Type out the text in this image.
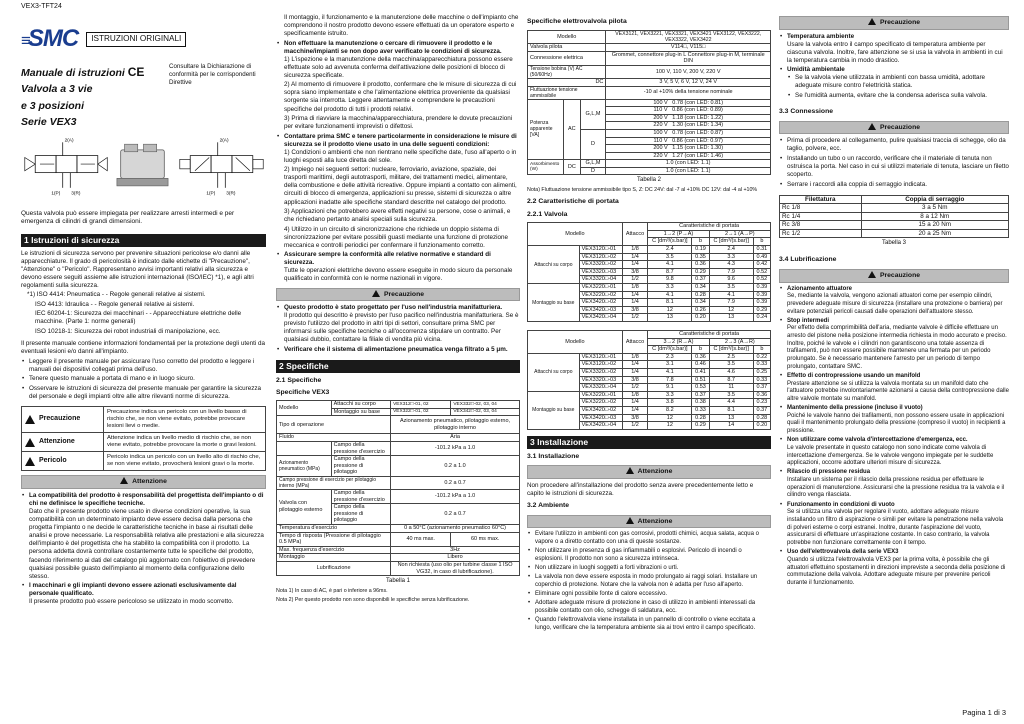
VEX3-TFT24
≡SMC	ISTRUZIONI ORIGINALI
Manuale di istruzioni CE
Valvola a 3 vie
e 3 posizioni
Serie VEX3
Consultare la Dichiarazione di conformità per le corrispondenti Direttive
2(A)
1(P) 3(R)
2(A)
1(P) 3(R)

Questa valvola può essere impiegata per realizzare arresti intermedi e per emergenza di cilindri di grandi dimensioni.

1 Istruzioni di sicurezza

Le istruzioni di sicurezza servono per prevenire situazioni pericolose e/o danni alle apparecchiature. Il grado di pericolosità è indicato dalle etichette di "Precauzione", "Attenzione" o "Pericolo". Rappresentano avvisi importanti relativi alla sicurezza e devono essere seguiti assieme alle istruzioni internazionali (ISO/IEC) *1), e agli altri regolamenti sulla sicurezza.

*1) ISO 4414: Pneumatica - - Regole generali relative ai sistemi.

ISO 4413: Idraulica - - Regole generali relative ai sistemi.

IEC 60204-1: Sicurezza dei macchinari - - Apparecchiature elettriche delle macchine. (Parte 1: norme generali)

ISO 10218-1: Sicurezza dei robot industriali di manipolazione, ecc.

Il presente manuale contiene informazioni fondamentali per la protezione degli utenti da eventuali lesioni e/o danni all'impianto.

• Leggere il presente manuale per assicurare l'uso corretto del prodotto e leggere i manuali dei dispositivi collegati prima dell'uso.
• Tenere questo manuale a portata di mano e in luogo sicuro.
• Osservare le istruzioni di sicurezza del presente manuale per garantire la sicurezza del personale e degli impianti oltre alle altre rilevanti norme di sicurezza.
Precauzione	Precauzione indica un pericolo con un livello basso di rischio che, se non viene evitato, potrebbe provocare lesioni lievi o medie.

Attenzione	Attenzione indica un livello medio di rischio che, se non viene evitato, potrebbe provocare la morte o gravi lesioni.

Pericolo	Pericolo indica un pericolo con un livello alto di rischio che, se non viene evitato, provocherà lesioni gravi o la morte.
Attenzione
• La compatibilità del prodotto è responsabilità del progettista dell'impianto o di chi ne definisce le specifiche tecniche.
Dato che il presente prodotto viene usato in diverse condizioni operative, la sua compatibilità con un determinato impianto deve essere decisa dalla persona che progetta l'impianto o ne decide le caratteristiche tecniche in base ai risultati delle analisi e prove necessarie. La responsabilità relativa alle prestazioni e alla sicurezza dell'impianto è del progettista che ha stabilito la compatibilità con il prodotto. La persona addetta dovrà controllare costantemente tutte le specifiche del prodotto, facendo riferimento ai dati del catalogo più aggiornato con l'obiettivo di prevedere qualsiasi possibile guasto dell'impianto al momento della configurazione dello stesso.
• I macchinari e gli impianti devono essere azionati esclusivamente dal personale qualificato.
Il presente prodotto può essere pericoloso se utilizzato in modo scorretto.

Il montaggio, il funzionamento e la manutenzione delle macchine o dell'impianto che comprendono il nostro prodotto devono essere effettuati da un operatore esperto e specificamente istruito.

• Non effettuare la manutenzione o cercare di rimuovere il prodotto e le macchine/impianti se non dopo aver verificato le condizioni di sicurezza.

1) L'ispezione e la manutenzione della macchina/apparecchiatura possono essere effettuate solo ad avvenuta conferma dell'attivazione delle posizioni di blocco di sicurezza specificate.

2) Al momento di rimuovere il prodotto, confermare che le misure di sicurezza di cui sopra siano implementate e che l'alimentazione elettrica proveniente da qualsiasi sorgente sia interrotta. Leggere attentamente e comprendere le precauzioni specifiche del prodotto di tutti i prodotti relativi.

3) Prima di riavviare la macchina/apparecchiatura, prendere le dovute precauzioni per evitare funzionamenti imprevisti o difettosi.

• Contattare prima SMC e tenere particolarmente in considerazione le misure di sicurezza se il prodotto viene usato in una delle seguenti condizioni:

1) Condizioni o ambienti che non rientrano nelle specifiche date, l'uso all'aperto o in luoghi esposti alla luce diretta del sole.

2) Impiego nei seguenti settori: nucleare, ferroviario, aviazione, spaziale, dei trasporti marittimi, degli autotrasporti, militare, dei trattamenti medici, alimentare, della combustione e delle attività ricreative. Oppure impianti a contatto con alimenti, circuiti di blocco di emergenza, applicazioni su presse, sistemi di sicurezza o altre applicazioni inadatte alle specifiche standard descritte nel catalogo del prodotto.

3) Applicazioni che potrebbero avere effetti negativi su persone, cose o animali, e che richiedano pertanto analisi speciali sulla sicurezza.

4) Utilizzo in un circuito di sincronizzazione che richiede un doppio sistema di sincronizzazione per evitare possibili guasti mediante una funzione di protezione meccanica e controlli periodici per confermare il funzionamento corretto.

• Assicurare sempre la conformità alle relative normative e standard di sicurezza.

Tutte le operazioni elettriche devono essere eseguite in modo sicuro da personale qualificato in conformità con le norme nazionali in vigore.

Precauzione
• Questo prodotto è stato progettato per l'uso nell'industria manifatturiera.

Il prodotto qui descritto è previsto per l'uso pacifico nell'industria manifatturiera. Se è previsto l'utilizzo del prodotto in altri tipi di settori, consultare prima SMC per informarsi sulle specifiche tecniche o all'occorrenza stipulare un contratto. Per qualsiasi dubbio, contattare la filiale di vendita più vicina.

• Verificare che il sistema di alimentazione pneumatica venga filtrato a 5 μm.
2 Specifiche
2.1 Specifiche
Specifiche VEX3
Modello	Attacchi su corpo	VEX312□-01, 02	VEX332□-02, 03, 04
	Montaggio su base	VEX322□-01, 02	VEX342□-02, 03, 04
Tipo di operazione		Azionamento pneumatico, pilotaggio esterno, pilotaggio interno	
Fluido		Aria	
	Campo della pressione d'esercizio	-101.2 kPa a 1.0	
Azionamento pneumatico (MPa)	Campo della pressione di pilotaggio	0.2 a 1.0	
Campo pressione di esercizio per pilotaggio interno (MPa)		0.2 a 0.7	
Valvola con pilotaggio esterno	Campo della pressione d'esercizio	-101.2 kPa a 1.0	
	Campo della pressione di pilotaggio	0.2 a 0.7	
Temperatura d'esercizio		0 a 50°C (azionamento pneumatico 60°C)	
Tempo di risposta (Pressione di pilotaggio 0.5 MPa)		40 ms max.	60 ms max.
Max. frequenza d'esercizio		3Hz	
Montaggio		Libero	
Lubrificazione		Non richiesta (uso olio per turbine classe 1 ISO VG32, in caso di lubrificazione).	
Tabella 1

Nota 1) In caso di AC, è pari o inferiore a 96ms.

Nota 2) Per questo prodotto non sono disponibili le specifiche senza lubrificazione.

Specifiche elettrovalvola pilota
Modello			VEX3121, VEX3221, VEX3321, VEX3421 VEX3122, VEX3222, VEX3322, VEX3422
Valvola pilota			V114□, V115□
Connessione elettrica			Grommet, connettore plug-in L Connettore plug-in M, terminale DIN
Tensione bobina (V) AC (50/60Hz)			100 V, 110 V, 200 V, 220 V
DC			3 V, 5 V, 6 V, 12 V, 24 V
Fluttuazione tensione ammissibile			-10 al +10% della tensione nominale
Potenza apparente [VA]	AC	G,L,M	100 V 0.78 (con LED: 0.81)
			110 V 0.86 (con LED: 0.89)
			200 V 1.18 (con LED: 1.22)
			220 V 1.30 (con LED: 1.34)
		D	100 V 0.78 (con LED: 0.87)
			110 V 0.86 (con LED: 0.97)
			200 V 1.15 (con LED: 1.30)
			220 V 1.27 (con LED: 1.46)
Assorbimento (W)	DC	G,L,M	1.0 (con LED: 1.1)
		D	1.0 (con LED: 1.1)
Tabella 2

Nota) Fluttuazione tensione ammissibile tipo S, Z: DC 24V: dal -7 al +10% DC 12V: dal -4 al +10%

2.2 Caratteristiche di portata
2.2.1 Valvola
Modello		Attacco	Caratteristiche di portata			
			1→2 (P→A)		2→1 (A→P)	
			C [dm³/(s.bar)]	b	C [dm³/(s.bar)]	b
Attacchi su corpo	VEX3120□-01	1/8	2.4	0.19	2.4	0.31
	VEX3120□-02	1/4	3.5	0.35	3.3	0.49
	VEX3320□-02	1/4	4.1	0.36	4.3	0.42
	VEX3320□-03	3/8	8.7	0.29	7.9	0.52
	VEX3320□-04	1/2	9.8	0.37	9.6	0.52
Montaggio su base	VEX3220□-01	1/8	3.3	0.34	3.5	0.39
	VEX3220□-02	1/4	4.1	0.28	4.1	0.39
	VEX3420□-02	1/4	8.1	0.34	7.9	0.39
	VEX3420□-03	3/8	12	0.26	12	0.29
	VEX3420□-04	1/2	13	0.20	13	0.24
Modello		Attacco	Caratteristiche di portata			
			3→2 (R→A)		2→3 (A→R)	
			C [dm³/(s.bar)]	b	C [dm³/(s.bar)]	b
Attacchi su corpo	VEX3120□-01	1/8	2.3	0.36	2.5	0.22
	VEX3120□-02	1/4	3.1	0.46	3.5	0.33
	VEX3320□-02	1/4	4.1	0.41	4.6	0.25
	VEX3320□-03	3/8	7.8	0.51	8.7	0.33
	VEX3320□-04	1/2	9.1	0.53	11	0.37
Montaggio su base	VEX3220□-01	1/8	3.3	0.37	3.5	0.36
	VEX3220□-02	1/4	3.8	0.38	4.4	0.23
	VEX3420□-02	1/4	8.2	0.33	8.1	0.37
	VEX3420□-03	3/8	12	0.28	13	0.28
	VEX3420□-04	1/2	12	0.29	14	0.20
3 Installazione
3.1 Installazione
Attenzione

Non procedere all'installazione del prodotto senza avere precedentemente letto e capito le istruzioni di sicurezza.

3.2 Ambiente
Attenzione
• Evitare l'utilizzo in ambienti con gas corrosivi, prodotti chimici, acqua salata, acqua o vapore o a diretto contatto con una di queste sostanze.
• Non utilizzare in presenza di gas infiammabili o esplosivi. Pericolo di incendi o esplosioni. Il prodotto non sono a sicurezza intrinseca.
• Non utilizzare in luoghi soggetti a forti vibrazioni o urti.
• La valvola non deve essere esposta in modo prolungato ai raggi solari. Installare un coperchio di protezione. Notare che la valvola non è adatta per l'uso all'aperto.
• Eliminare ogni possibile fonte di calore eccessivo.
• Adottare adeguate misure di protezione in caso di utilizzo in ambienti interessati da possibile contatto con olio, schegge di saldatura, ecc.
• Quando l'elettrovalvola viene installata in un pannello di controllo o viene eccitata a lungo, verificare che la temperatura ambiente sia ai trovi entro il campo specificato.
Precauzione
• Temperatura ambiente

Usare la valvola entro il campo specificato di temperatura ambiente per ciascuna valvola. Inoltre, fare attenzione se si usa la valvola in ambienti in cui la temperatura cambia in modo drastico.

• Umidità ambientale
• Se la valvola viene utilizzata in ambienti con bassa umidità, adottare adeguate misure contro l'elettricità statica.
• Se l'umidità aumenta, evitare che la condensa aderisca sulla valvola.
3.3 Connessione
Precauzione
• Prima di procedere al collegamento, pulire qualsiasi traccia di schegge, olio da taglio, polvere, ecc.
• Installando un tubo o un raccordo, verificare che il materiale di tenuta non ostruisca la porta. Nel caso in cui si utilizzi materiale di tenuta, lasciare un filetto scoperto.
• Serrare i raccordi alla coppia di serraggio indicata.
Filettatura	Coppia di serraggio
Rc 1/8	3 a 5 Nm
Rc 1/4	8 a 12 Nm
Rc 3/8	15 a 20 Nm
Rc 1/2	20 a 25 Nm
Tabella 3
3.4 Lubrificazione
Precauzione
• Azionamento attuatore

Se, mediante la valvola, vengono azionati attuatori come per esempio cilindri, prevedere adeguate misure di sicurezza (installare una protezione o barriera) per evitare potenziali pericoli causati dalle operazioni dell'attuatore stesso.

• Stop intermedi

Per effetto della comprimibilità dell'aria, mediante valvole è difficile effettuare un arresto del pistone nella posizione intermedia richiesta in modo accurato e preciso. Inoltre, poiché le valvole e i cilindri non garantiscono una totale assenza di trafilamenti, può non essere possibile mantenere una fermata per un periodo prolungato. Se è necessario mantenere l'arresto per un periodo di tempo prolungato, contattare SMC.

• Effetto di contropressione usando un manifold

Prestare attenzione se si utilizza la valvola montata su un manifold dato che l'attuatore potrebbe involontariamente azionarsi a causa della contropressione dalle altre valvole montate su manifold.

• Mantenimento della pressione (incluso il vuoto)

Poiché le valvole hanno dei trafilamenti, non possono essere usate in applicazioni quali il mantenimento prolungato della pressione (compreso il vuoto) in recipienti a pressione.

• Non utilizzare come valvola d'intercettazione d'emergenza, ecc.

Le valvole presentate in questo catalogo non sono indicate come valvola di intercettazione d'emergenza. Se le valvole vengono impiegate per le suddette applicazioni, occorre adottare ulteriori misure di sicurezza.

• Rilascio di pressione residua

Installare un sistema per il rilascio della pressione residua per effettuare le operazioni di manutenzione. Assicurarsi che la pressione residua tra la valvola e il cilindro venga rilasciata.

• Funzionamento in condizioni di vuoto

Se si utilizza una valvola per regolare il vuoto, adottare adeguate misure installando un filtro di aspirazione o simili per evitare la penetrazione nella valvola di polveri esterne o corpi estranei. Inoltre, durante l'aspirazione del vuoto, assicurarsi di effettuare un'aspirazione costante. In caso contrario, la valvola potrebbe non funzionare correttamente con il tempo.

• Uso dell'elettrovalvola della serie VEX3

Quando si utilizza l'elettrovalvola VEX3 per la prima volta, è possibile che gli attuatori effettuino spostamenti in direzioni impreviste a seconda della posizione di commutazione della valvola. Adottare adeguate misure per prevenire pericoli durante il funzionamento.

Pagina 1 di 3
